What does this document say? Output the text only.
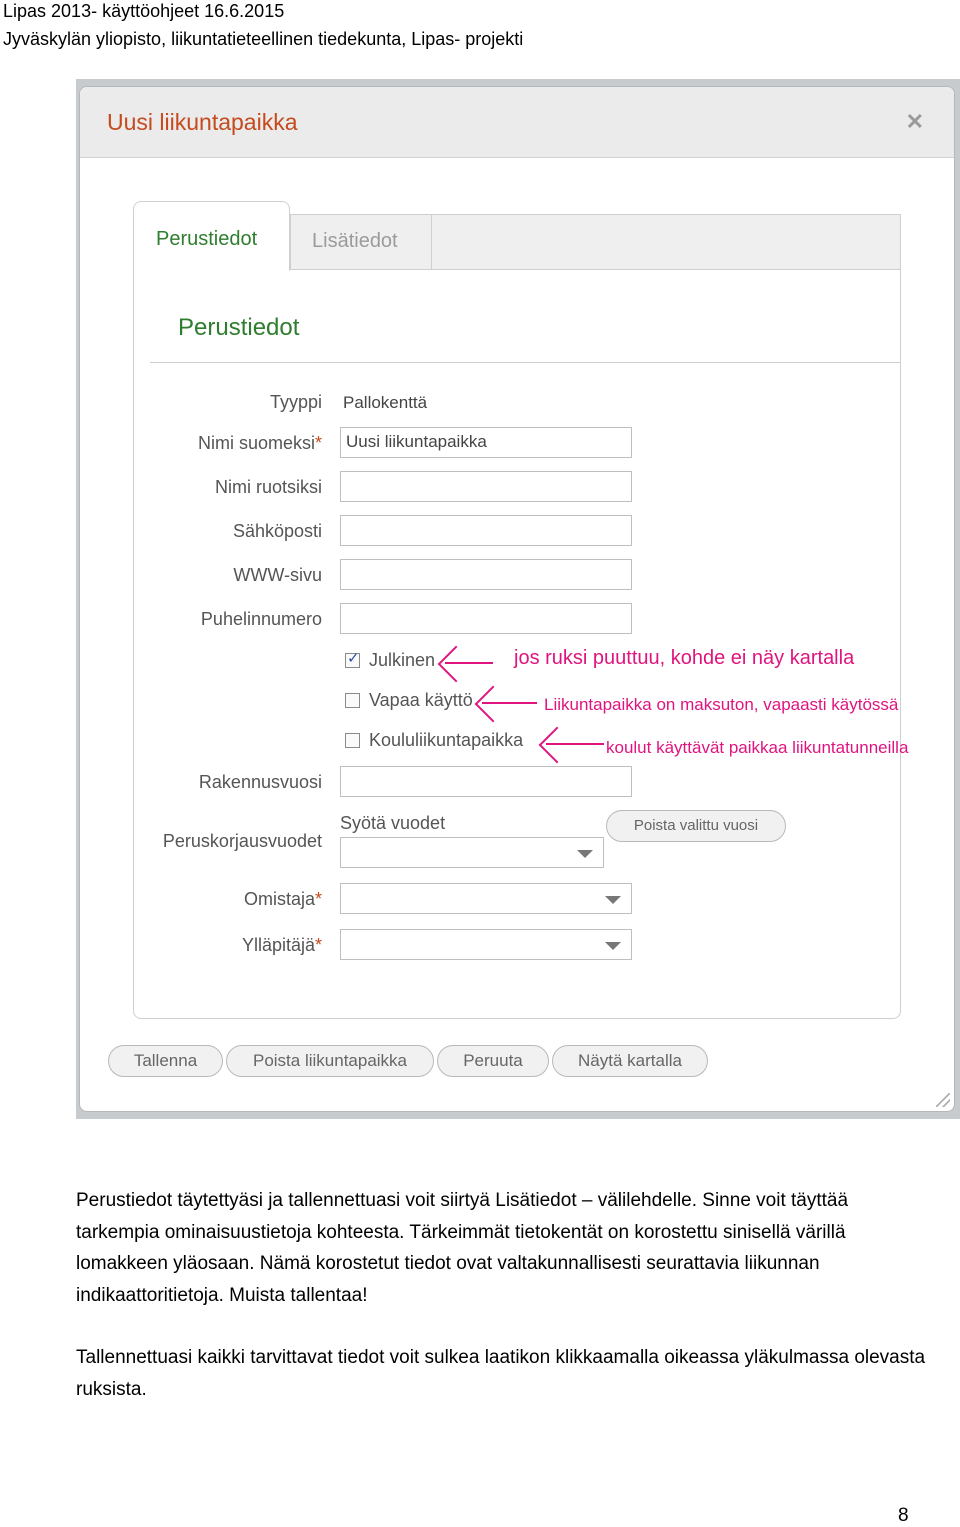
Lipas 2013- käyttöohjeet 16.6.2015
Jyväskylän yliopisto, liikuntatieteellinen tiedekunta, Lipas- projekti
Uusi liikuntapaikka	✕
Perustiedot	Lisätiedot
Perustiedot
Tyyppi Pallokenttä
Nimi suomeksi*	Uusi liikuntapaikka
Nimi ruotsiksi
Sähköposti
WWW-sivu
Puhelinnumero
✓
Julkinen	jos ruksi puuttuu, kohde ei näy kartalla
Vapaa käyttö	Liikuntapaikka on maksuton, vapaasti käytössä
Koululiikuntapaikka	koulut käyttävät paikkaa liikuntatunneilla
Rakennusvuosi
Peruskorjausvuodet
Syötä vuodet	Poista valittu vuosi
Omistaja*
Ylläpitäjä*
Tallenna	Poista liikuntapaikka	Peruuta	Näytä kartalla
Perustiedot täytettyäsi ja tallennettuasi voit siirtyä Lisätiedot – välilehdelle. Sinne voit täyttää tarkempia ominaisuustietoja kohteesta. Tärkeimmät tietokentät on korostettu sinisellä värillä lomakkeen yläosaan. Nämä korostetut tiedot ovat valtakunnallisesti seurattavia liikunnan indikaattoritietoja. Muista tallentaa!
Tallennettuasi kaikki tarvittavat tiedot voit sulkea laatikon klikkaamalla oikeassa yläkulmassa olevasta ruksista.
8
